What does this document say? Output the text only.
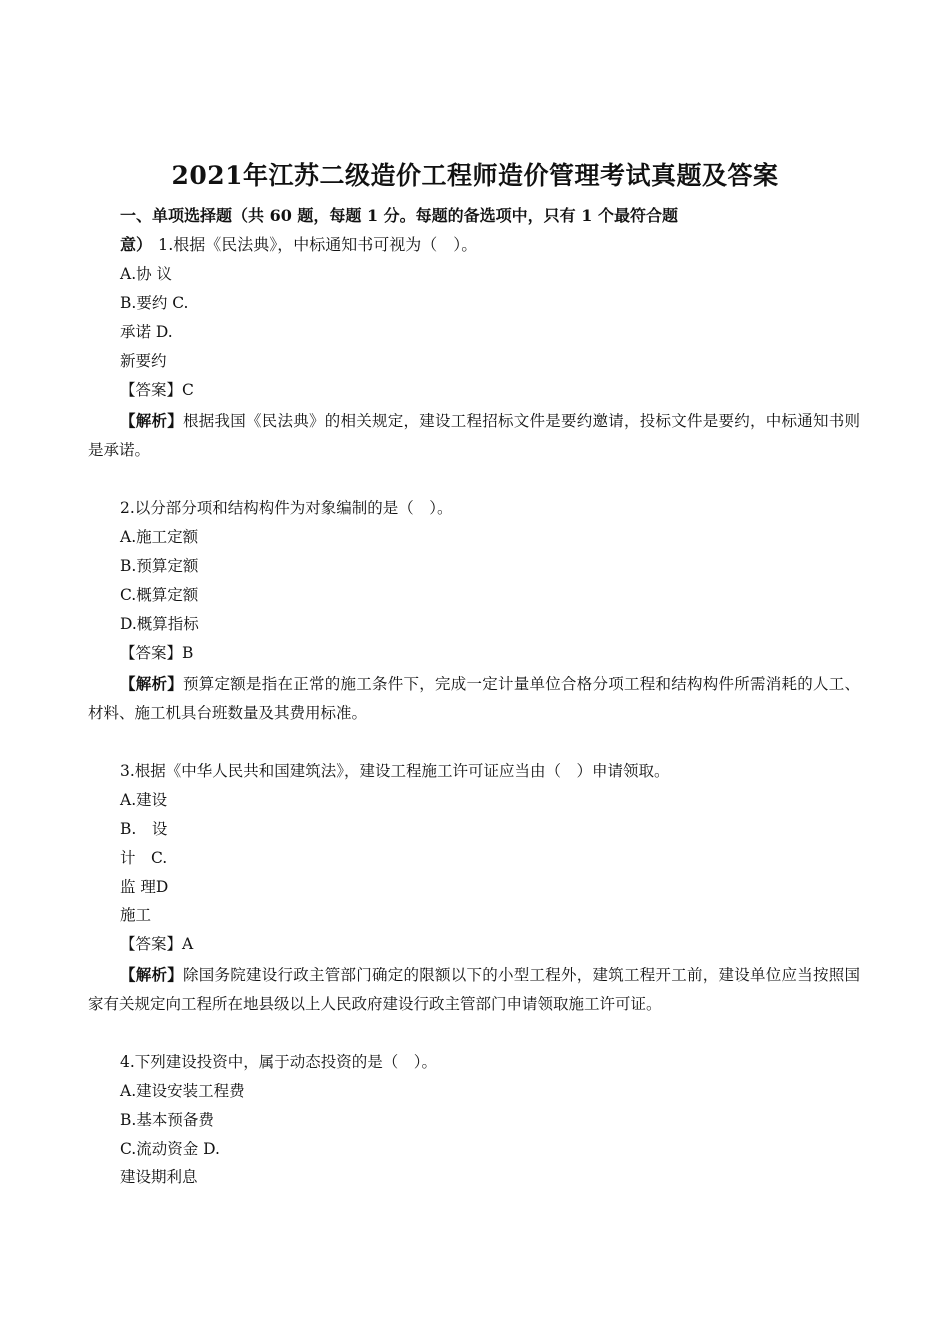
2021年江苏二级造价工程师造价管理考试真题及答案
一、单项选择题（共 60 题，每题 1 分。每题的备选项中，只有 1 个最符合题
意） 1.根据《民法典》，中标通知书可视为（　）。
A.协 议
B.要约 C.
承诺 D.
新要约
【答案】C
【解析】根据我国《民法典》的相关规定，建设工程招标文件是要约邀请，投标文件是要约，中标通知书则是承诺。
2.以分部分项和结构构件为对象编制的是（　）。
A.施工定额
B.预算定额
C.概算定额
D.概算指标
【答案】B
【解析】预算定额是指在正常的施工条件下，完成一定计量单位合格分项工程和结构构件所需消耗的人工、材料、施工机具台班数量及其费用标准。
3.根据《中华人民共和国建筑法》，建设工程施工许可证应当由（　）申请领取。
A.建设
B.　设
计　C.
监 理D
施工
【答案】A
【解析】除国务院建设行政主管部门确定的限额以下的小型工程外，建筑工程开工前，建设单位应当按照国家有关规定向工程所在地县级以上人民政府建设行政主管部门申请领取施工许可证。
4.下列建设投资中，属于动态投资的是（　）。
A.建设安装工程费
B.基本预备费
C.流动资金 D.
建设期利息
